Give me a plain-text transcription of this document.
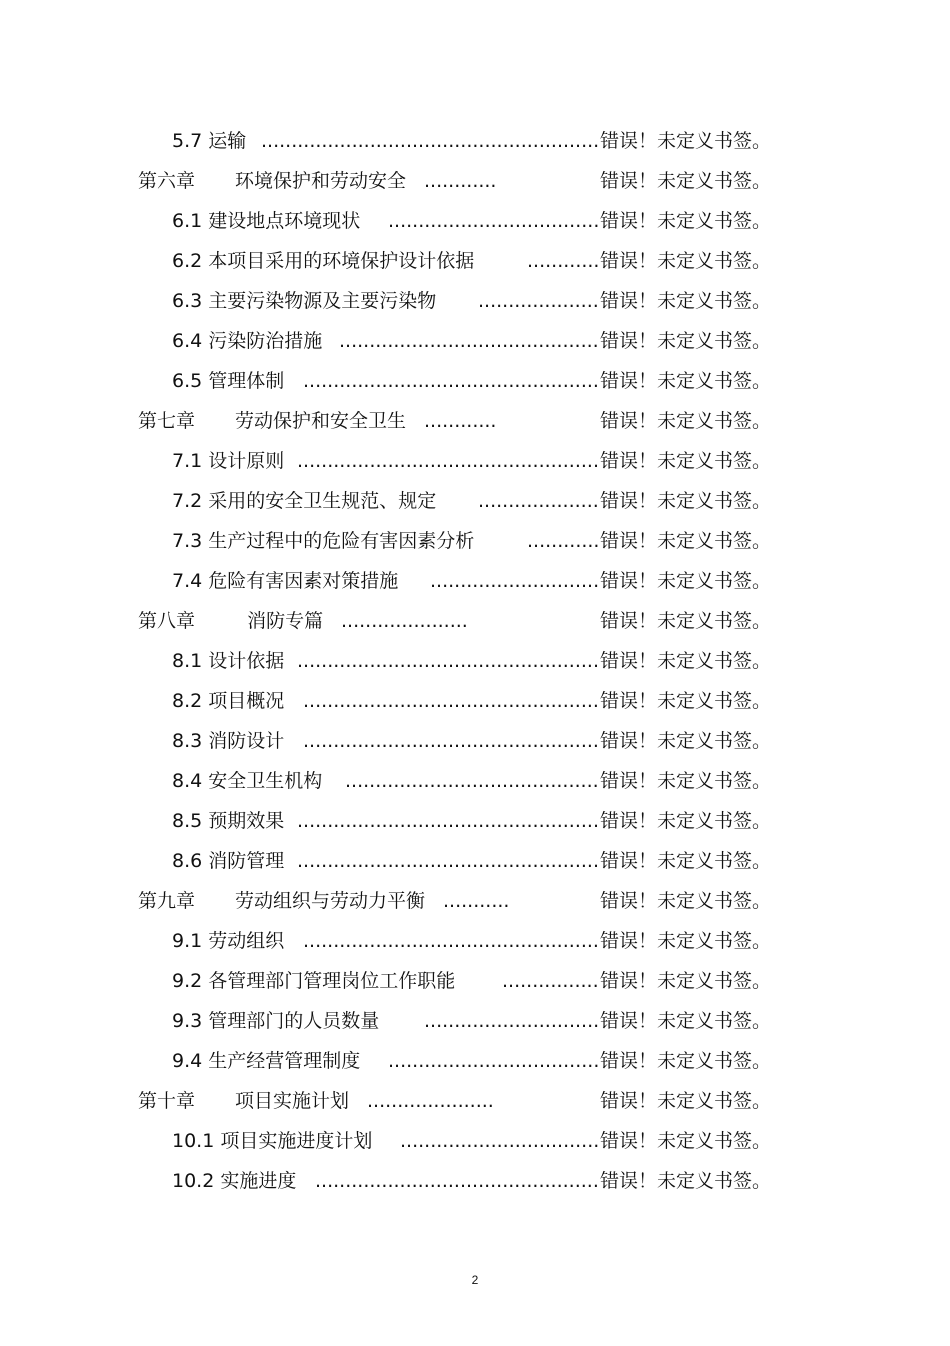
5.7 运输 ........................................................ 错误！未定义书签。
第六章 环境保护和劳动安全 ............	错误！未定义书签。
6.1 建设地点环境现状 ................................... 错误！未定义书签。
6.2 本项目采用的环境保护设计依据	............ 错误！未定义书签。
6.3 主要污染物源及主要污染物 .................... 错误！未定义书签。
6.4 污染防治措施 ........................................... 错误！未定义书签。
6.5 管理体制 ................................................. 错误！未定义书签。
第七章 劳动保护和安全卫生 ............	错误！未定义书签。
7.1 设计原则 .................................................. 错误！未定义书签。
7.2 采用的安全卫生规范、规定 .................... 错误！未定义书签。
7.3 生产过程中的危险有害因素分析	............ 错误！未定义书签。
7.4 危险有害因素对策措施 ............................ 错误！未定义书签。
第八章  消防专篇 .....................	错误！未定义书签。
8.1 设计依据 .................................................. 错误！未定义书签。
8.2 项目概况 ................................................. 错误！未定义书签。
8.3 消防设计 ................................................. 错误！未定义书签。
8.4 安全卫生机构 .......................................... 错误！未定义书签。
8.5 预期效果 .................................................. 错误！未定义书签。
8.6 消防管理 .................................................. 错误！未定义书签。
第九章 劳动组织与劳动力平衡 ...........	错误！未定义书签。
9.1 劳动组织 ................................................. 错误！未定义书签。
9.2 各管理部门管理岗位工作职能 ................ 错误！未定义书签。
9.3 管理部门的人员数量 ............................. 错误！未定义书签。
9.4 生产经营管理制度 ................................... 错误！未定义书签。
第十章 项目实施计划 .....................	错误！未定义书签。
10.1 项目实施进度计划 ................................. 错误！未定义书签。
10.2 实施进度 ............................................... 错误！未定义书签。
2
